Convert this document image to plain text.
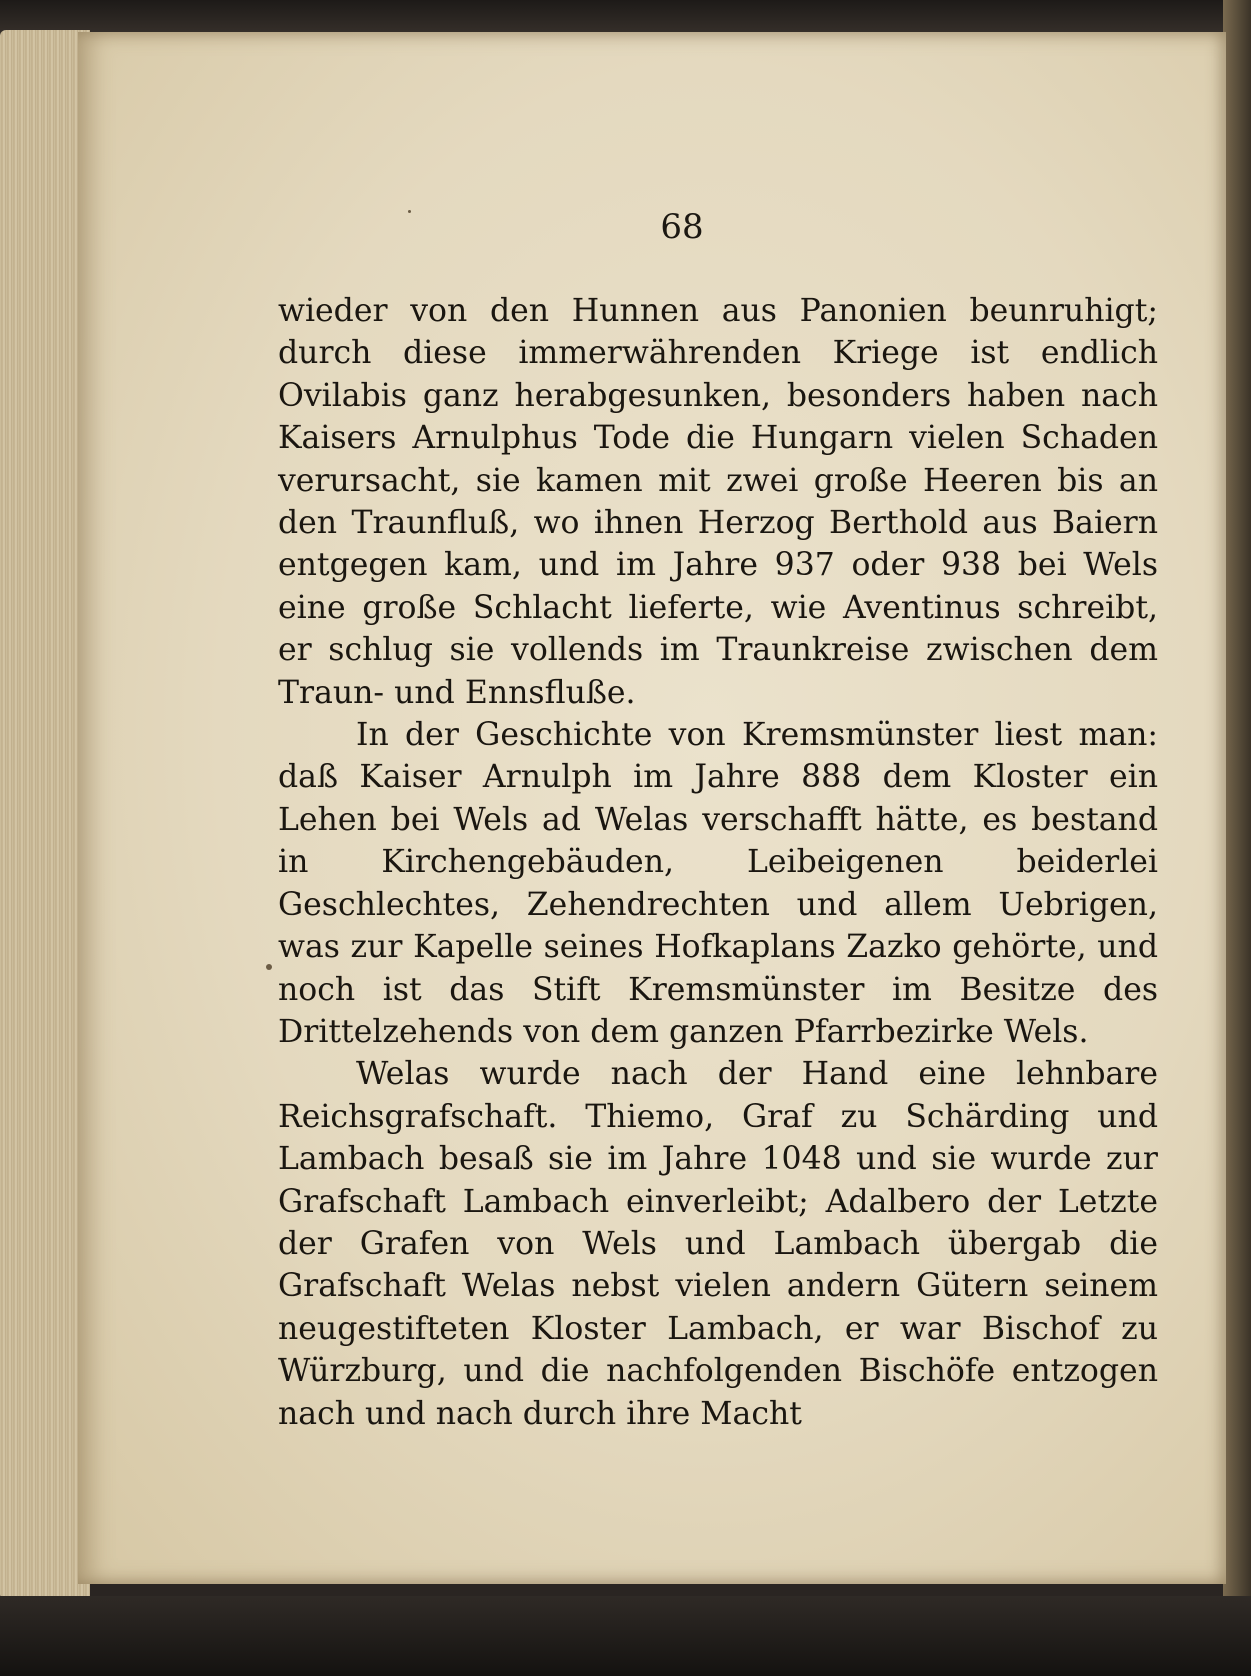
68

wieder von den Hunnen aus Panonien beunruhigt; durch diese immerwährenden Kriege ist endlich Ovilabis ganz herabgesunken, besonders haben nach Kaisers Arnulphus Tode die Hungarn vielen Schaden verursacht, sie kamen mit zwei große Heeren bis an den Traunfluß, wo ihnen Herzog Berthold aus Baiern entgegen kam, und im Jahre 937 oder 938 bei Wels eine große Schlacht lieferte, wie Aventinus schreibt, er schlug sie vollends im Traunkreise zwischen dem Traun- und Ennsfluße.

In der Geschichte von Kremsmünster liest man: daß Kaiser Arnulph im Jahre 888 dem Kloster ein Lehen bei Wels ad Welas verschafft hätte, es bestand in Kirchengebäuden, Leibeigenen beiderlei Geschlechtes, Zehendrechten und allem Uebrigen, was zur Kapelle seines Hofkaplans Zazko gehörte, und noch ist das Stift Kremsmünster im Besitze des Drittelzehends von dem ganzen Pfarrbezirke Wels.

Welas wurde nach der Hand eine lehnbare Reichsgrafschaft. Thiemo, Graf zu Schärding und Lambach besaß sie im Jahre 1048 und sie wurde zur Grafschaft Lambach einverleibt; Adalbero der Letzte der Grafen von Wels und Lambach übergab die Grafschaft Welas nebst vielen andern Gütern seinem neugestifteten Kloster Lambach, er war Bischof zu Würzburg, und die nachfolgenden Bischöfe entzogen nach und nach durch ihre Macht
